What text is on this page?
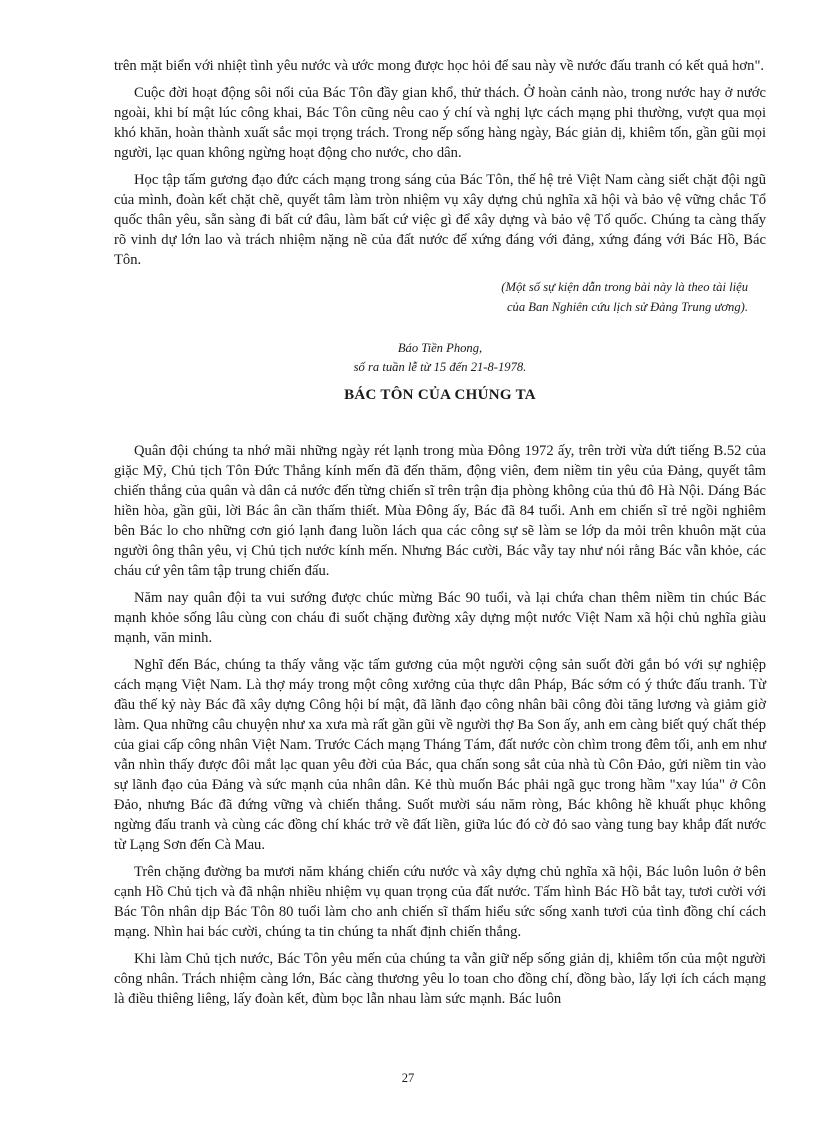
trên mặt biển với nhiệt tình yêu nước và ước mong được học hỏi để sau này về nước đấu tranh có kết quả hơn".

Cuộc đời hoạt động sôi nổi của Bác Tôn đầy gian khổ, thử thách. Ở hoàn cảnh nào, trong nước hay ở nước ngoài, khi bí mật lúc công khai, Bác Tôn cũng nêu cao ý chí và nghị lực cách mạng phi thường, vượt qua mọi khó khăn, hoàn thành xuất sắc mọi trọng trách. Trong nếp sống hàng ngày, Bác giản dị, khiêm tốn, gần gũi mọi người, lạc quan không ngừng hoạt động cho nước, cho dân.

Học tập tấm gương đạo đức cách mạng trong sáng của Bác Tôn, thế hệ trẻ Việt Nam càng siết chặt đội ngũ của mình, đoàn kết chặt chẽ, quyết tâm làm tròn nhiệm vụ xây dựng chủ nghĩa xã hội và bảo vệ vững chắc Tổ quốc thân yêu, sẵn sàng đi bất cứ đâu, làm bất cứ việc gì để xây dựng và bảo vệ Tổ quốc. Chúng ta càng thấy rõ vinh dự lớn lao và trách nhiệm nặng nề của đất nước để xứng đáng với đảng, xứng đáng với Bác Hồ, Bác Tôn.

(Một số sự kiện dẫn trong bài này là theo tài liệu
của Ban Nghiên cứu lịch sử Đảng Trung ương).
Báo Tiền Phong,
số ra tuần lễ từ 15 đến 21-8-1978.
BÁC TÔN CỦA CHÚNG TA

Quân đội chúng ta nhớ mãi những ngày rét lạnh trong mùa Đông 1972 ấy, trên trời vừa dứt tiếng B.52 của giặc Mỹ, Chủ tịch Tôn Đức Thắng kính mến đã đến thăm, động viên, đem niềm tin yêu của Đảng, quyết tâm chiến thắng của quân và dân cả nước đến từng chiến sĩ trên trận địa phòng không của thủ đô Hà Nội. Dáng Bác hiền hòa, gần gũi, lời Bác ân cần thấm thiết. Mùa Đông ấy, Bác đã 84 tuổi. Anh em chiến sĩ trẻ ngồi nghiêm bên Bác lo cho những cơn gió lạnh đang luồn lách qua các công sự sẽ làm se lớp da mỏi trên khuôn mặt của người ông thân yêu, vị Chủ tịch nước kính mến. Nhưng Bác cười, Bác vẫy tay như nói rằng Bác vẫn khỏe, các cháu cứ yên tâm tập trung chiến đấu.

Năm nay quân đội ta vui sướng được chúc mừng Bác 90 tuổi, và lại chứa chan thêm niềm tin chúc Bác mạnh khỏe sống lâu cùng con cháu đi suốt chặng đường xây dựng một nước Việt Nam xã hội chủ nghĩa giàu mạnh, văn minh.

Nghĩ đến Bác, chúng ta thấy vằng vặc tấm gương của một người cộng sản suốt đời gắn bó với sự nghiệp cách mạng Việt Nam. Là thợ máy trong một công xưởng của thực dân Pháp, Bác sớm có ý thức đấu tranh. Từ đầu thế kỷ này Bác đã xây dựng Công hội bí mật, đã lãnh đạo công nhân bãi công đòi tăng lương và giảm giờ làm. Qua những câu chuyện như xa xưa mà rất gần gũi về người thợ Ba Son ấy, anh em càng biết quý chất thép của giai cấp công nhân Việt Nam. Trước Cách mạng Tháng Tám, đất nước còn chìm trong đêm tối, anh em như vẫn nhìn thấy được đôi mắt lạc quan yêu đời của Bác, qua chấn song sắt của nhà tù Côn Đảo, gửi niềm tin vào sự lãnh đạo của Đảng và sức mạnh của nhân dân. Kẻ thù muốn Bác phải ngã gục trong hầm "xay lúa" ở Côn Đảo, nhưng Bác đã đứng vững và chiến thắng. Suốt mười sáu năm ròng, Bác không hề khuất phục không ngừng đấu tranh và cùng các đồng chí khác trở về đất liền, giữa lúc đó cờ đỏ sao vàng tung bay khắp đất nước từ Lạng Sơn đến Cà Mau.

Trên chặng đường ba mươi năm kháng chiến cứu nước và xây dựng chủ nghĩa xã hội, Bác luôn luôn ở bên cạnh Hồ Chủ tịch và đã nhận nhiều nhiệm vụ quan trọng của đất nước. Tấm hình Bác Hồ bắt tay, tươi cười với Bác Tôn nhân dịp Bác Tôn 80 tuổi làm cho anh chiến sĩ thấm hiểu sức sống xanh tươi của tình đồng chí cách mạng. Nhìn hai bác cười, chúng ta tin chúng ta nhất định chiến thắng.

Khi làm Chủ tịch nước, Bác Tôn yêu mến của chúng ta vẫn giữ nếp sống giản dị, khiêm tốn của một người công nhân. Trách nhiệm càng lớn, Bác càng thương yêu lo toan cho đồng chí, đồng bào, lấy lợi ích cách mạng là điều thiêng liêng, lấy đoàn kết, đùm bọc lẫn nhau làm sức mạnh. Bác luôn

27
